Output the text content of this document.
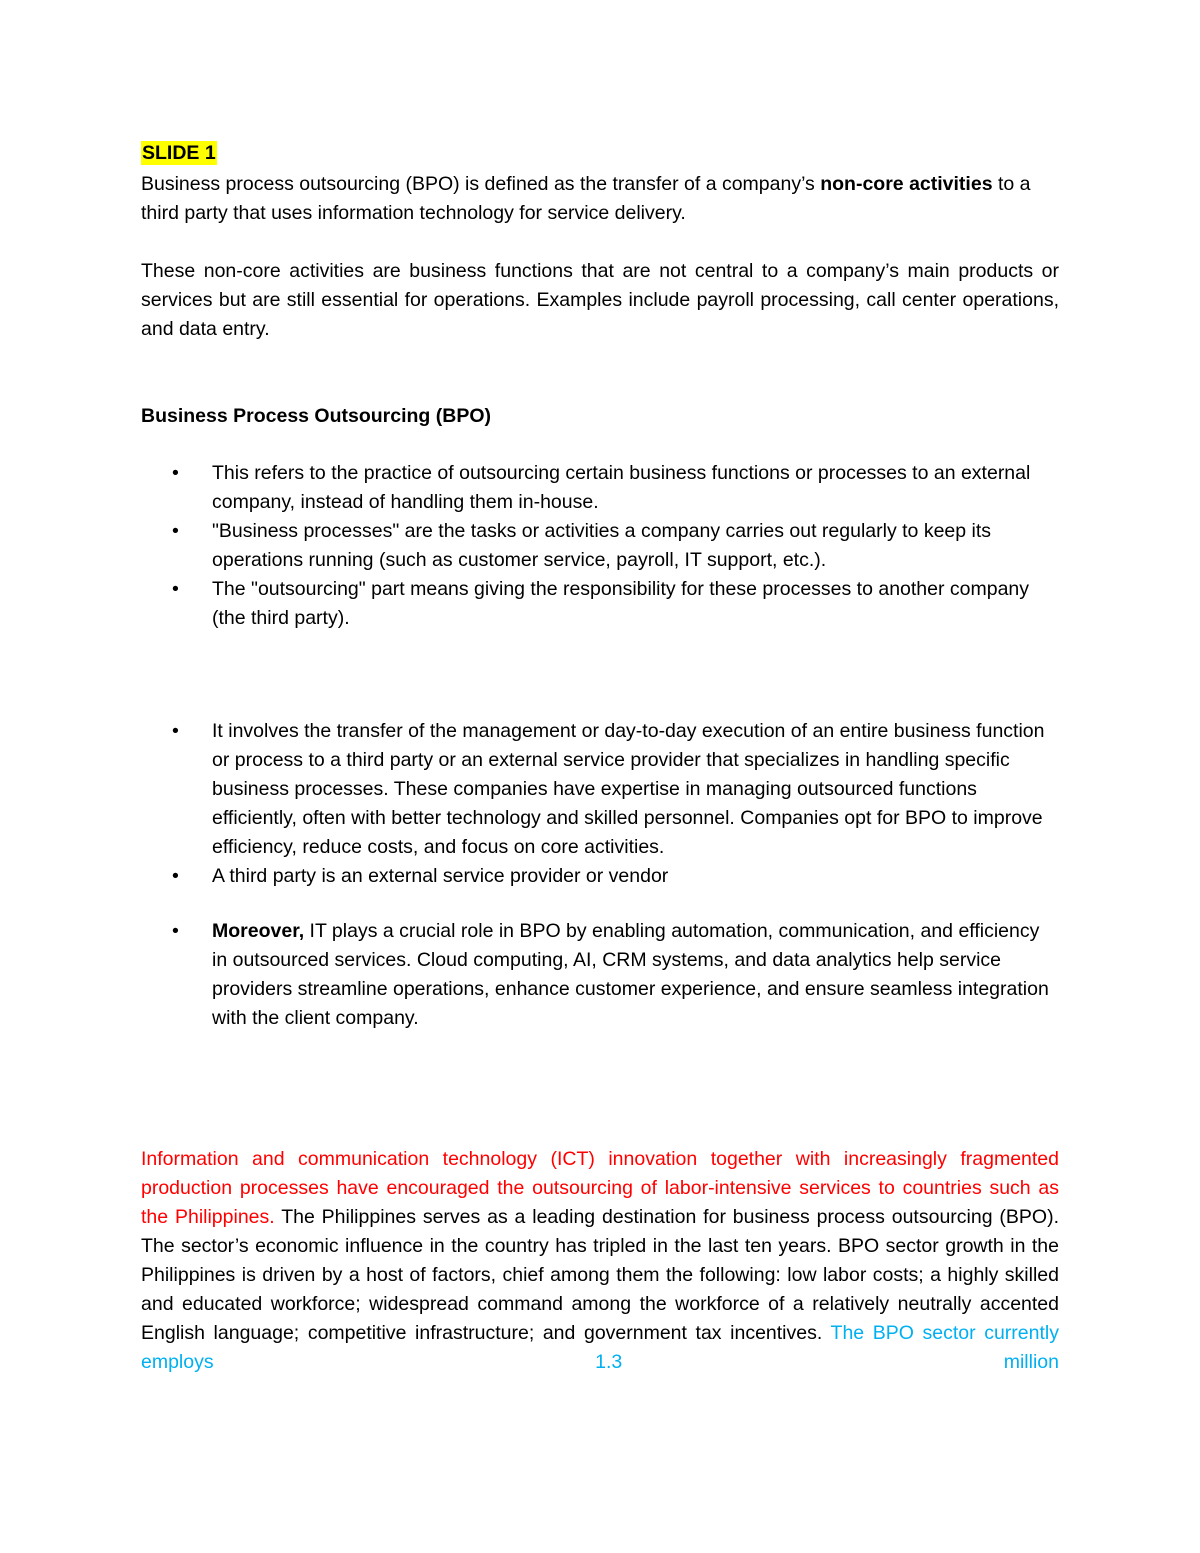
SLIDE 1

Business process outsourcing (BPO) is defined as the transfer of a company’s non-core activities to a third party that uses information technology for service delivery.

These non-core activities are business functions that are not central to a company’s main products or services but are still essential for operations. Examples include payroll processing, call center operations, and data entry.

Business Process Outsourcing (BPO)

• This refers to the practice of outsourcing certain business functions or processes to an external company, instead of handling them in-house.
• "Business processes" are the tasks or activities a company carries out regularly to keep its operations running (such as customer service, payroll, IT support, etc.).
• The "outsourcing" part means giving the responsibility for these processes to another company (the third party).
• It involves the transfer of the management or day-to-day execution of an entire business function or process to a third party or an external service provider that specializes in handling specific business processes. These companies have expertise in managing outsourced functions efficiently, often with better technology and skilled personnel. Companies opt for BPO to improve efficiency, reduce costs, and focus on core activities.
• A third party is an external service provider or vendor
• Moreover, IT plays a crucial role in BPO by enabling automation, communication, and efficiency in outsourced services. Cloud computing, AI, CRM systems, and data analytics help service providers streamline operations, enhance customer experience, and ensure seamless integration with the client company.

Information and communication technology (ICT) innovation together with increasingly fragmented production processes have encouraged the outsourcing of labor-intensive services to countries such as the Philippines. The Philippines serves as a leading destination for business process outsourcing (BPO). The sector’s economic influence in the country has tripled in the last ten years. BPO sector growth in the Philippines is driven by a host of factors, chief among them the following: low labor costs; a highly skilled and educated workforce; widespread command among the workforce of a relatively neutrally accented English language; competitive infrastructure; and government tax incentives. The BPO sector currently employs 1.3 million
